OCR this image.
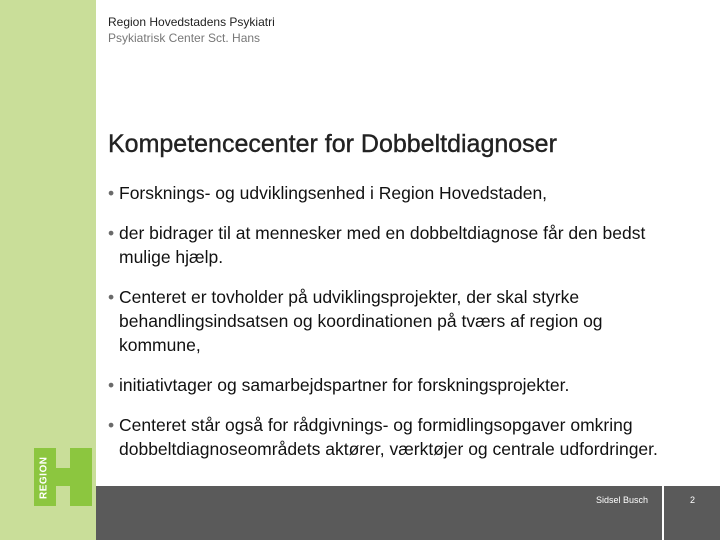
REGION
Region Hovedstadens Psykiatri
Psykiatrisk Center Sct. Hans
Kompetencecenter for Dobbeltdiagnoser
• Forsknings- og udviklingsenhed i Region Hovedstaden,
• der bidrager til at mennesker med en dobbeltdiagnose får den bedst mulige hjælp.
• Centeret er tovholder på udviklingsprojekter, der skal styrke behandlingsindsatsen og koordinationen på tværs af region og kommune,
• initiativtager og samarbejdspartner for forskningsprojekter.
• Centeret står også for rådgivnings- og formidlingsopgaver omkring dobbeltdiagnoseområdets aktører, værktøjer og centrale udfordringer.
Sidsel Busch	2
